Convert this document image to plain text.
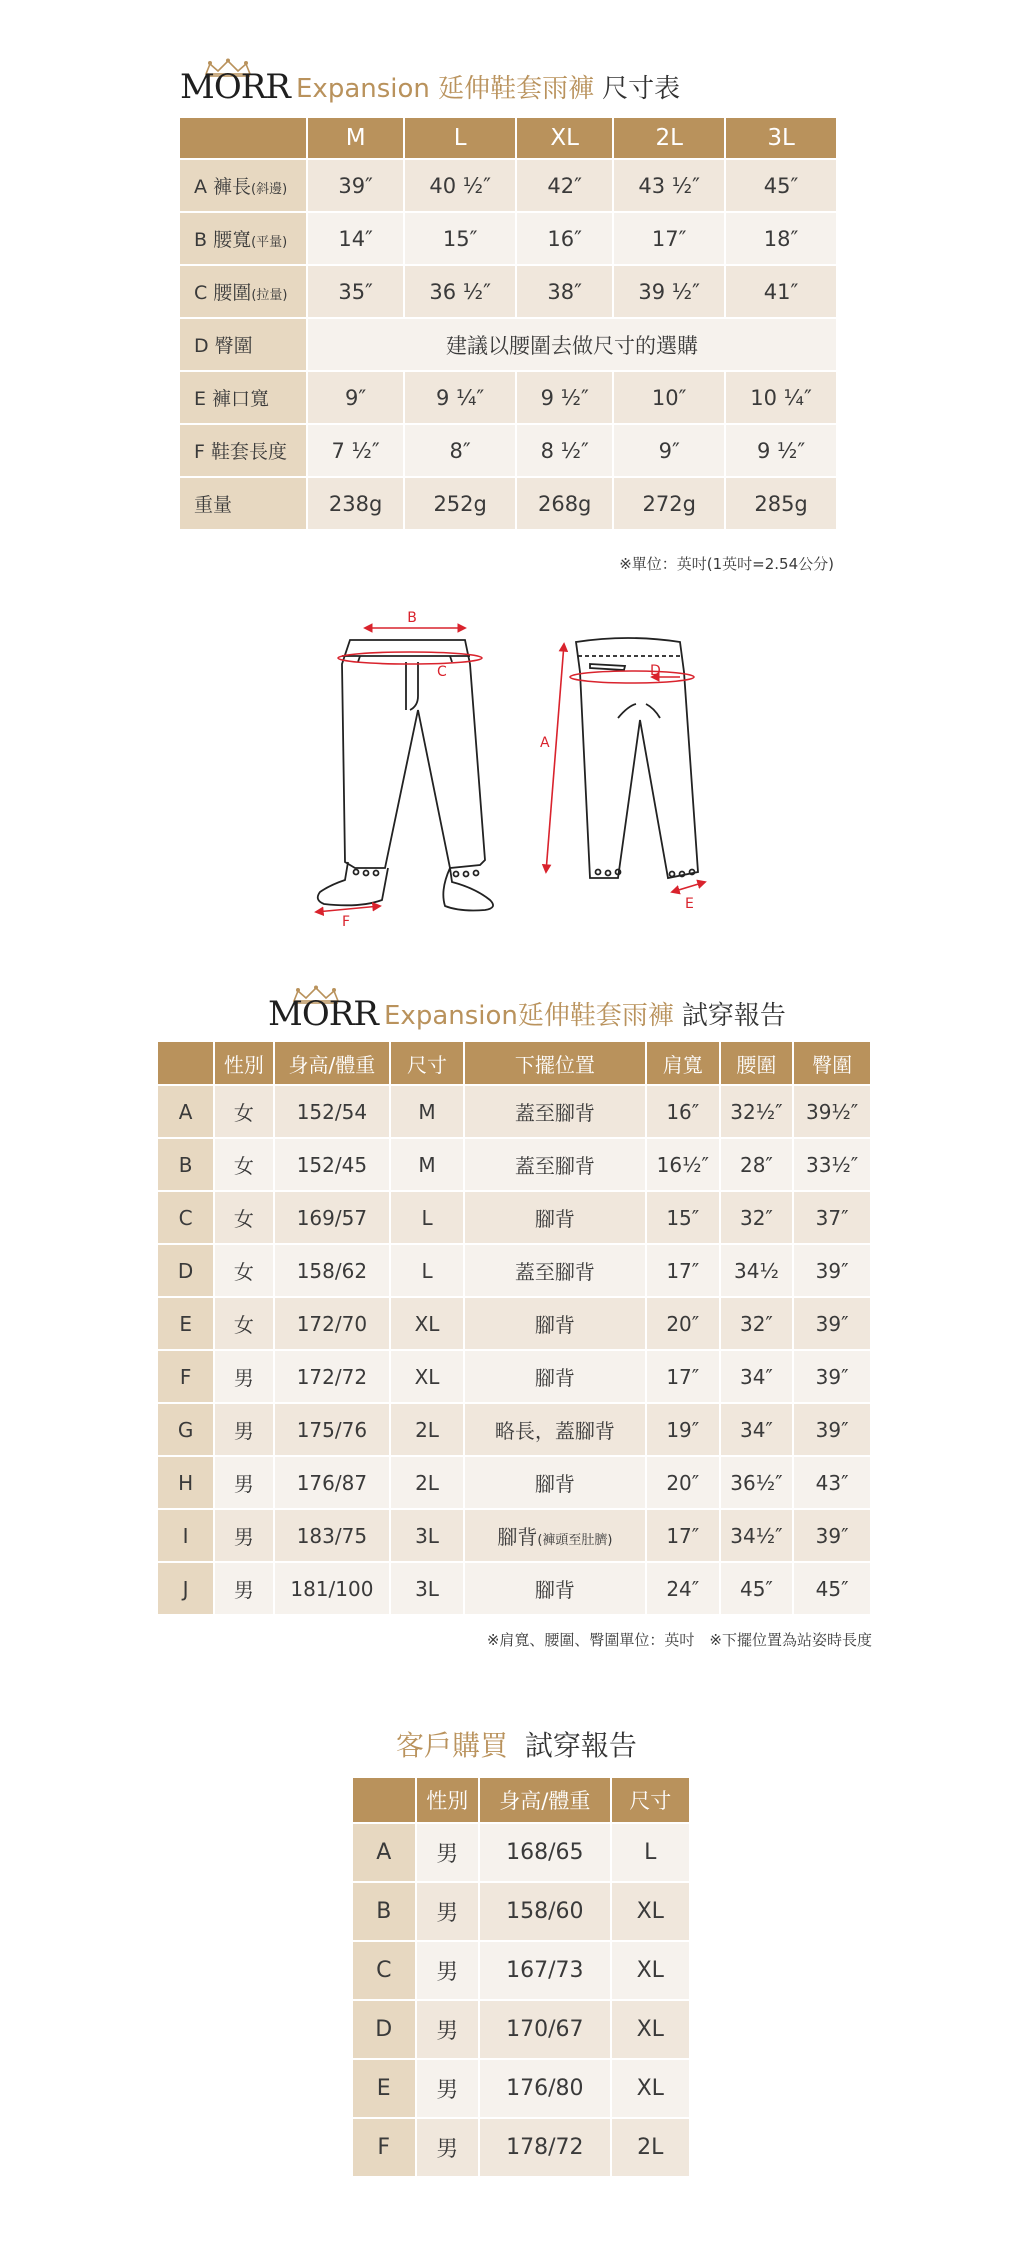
MORR Expansion 延伸鞋套雨褲 尺寸表
	M	L	XL	2L	3L
A 褲長(斜邊)	39″	40 ½″	42″	43 ½″	45″
B 腰寬(平量)	14″	15″	16″	17″	18″
C 腰圍(拉量)	35″	36 ½″	38″	39 ½″	41″
D 臀圍	建議以腰圍去做尺寸的選購				
E 褲口寬	9″	9 ¼″	9 ½″	10″	10 ¼″
F 鞋套長度	7 ½″	8″	8 ½″	9″	9 ½″
重量	238g	252g	268g	272g	285g
※單位：英吋(1英吋=2.54公分)
B
C
A
D
E
F
MORR Expansion延伸鞋套雨褲 試穿報告
	性別	身高/體重	尺寸	下擺位置	肩寬	腰圍	臀圍
A	女	152/54	M	蓋至腳背	16″	32½″	39½″
B	女	152/45	M	蓋至腳背	16½″	28″	33½″
C	女	169/57	L	腳背	15″	32″	37″
D	女	158/62	L	蓋至腳背	17″	34½	39″
E	女	172/70	XL	腳背	20″	32″	39″
F	男	172/72	XL	腳背	17″	34″	39″
G	男	175/76	2L	略長，蓋腳背	19″	34″	39″
H	男	176/87	2L	腳背	20″	36½″	43″
I	男	183/75	3L	腳背(褲頭至肚臍)	17″	34½″	39″
J	男	181/100	3L	腳背	24″	45″	45″
※肩寬、腰圍、臀圍單位：英吋　※下擺位置為站姿時長度
客戶購買 試穿報告
	性別	身高/體重	尺寸
A	男	168/65	L
B	男	158/60	XL
C	男	167/73	XL
D	男	170/67	XL
E	男	176/80	XL
F	男	178/72	2L
